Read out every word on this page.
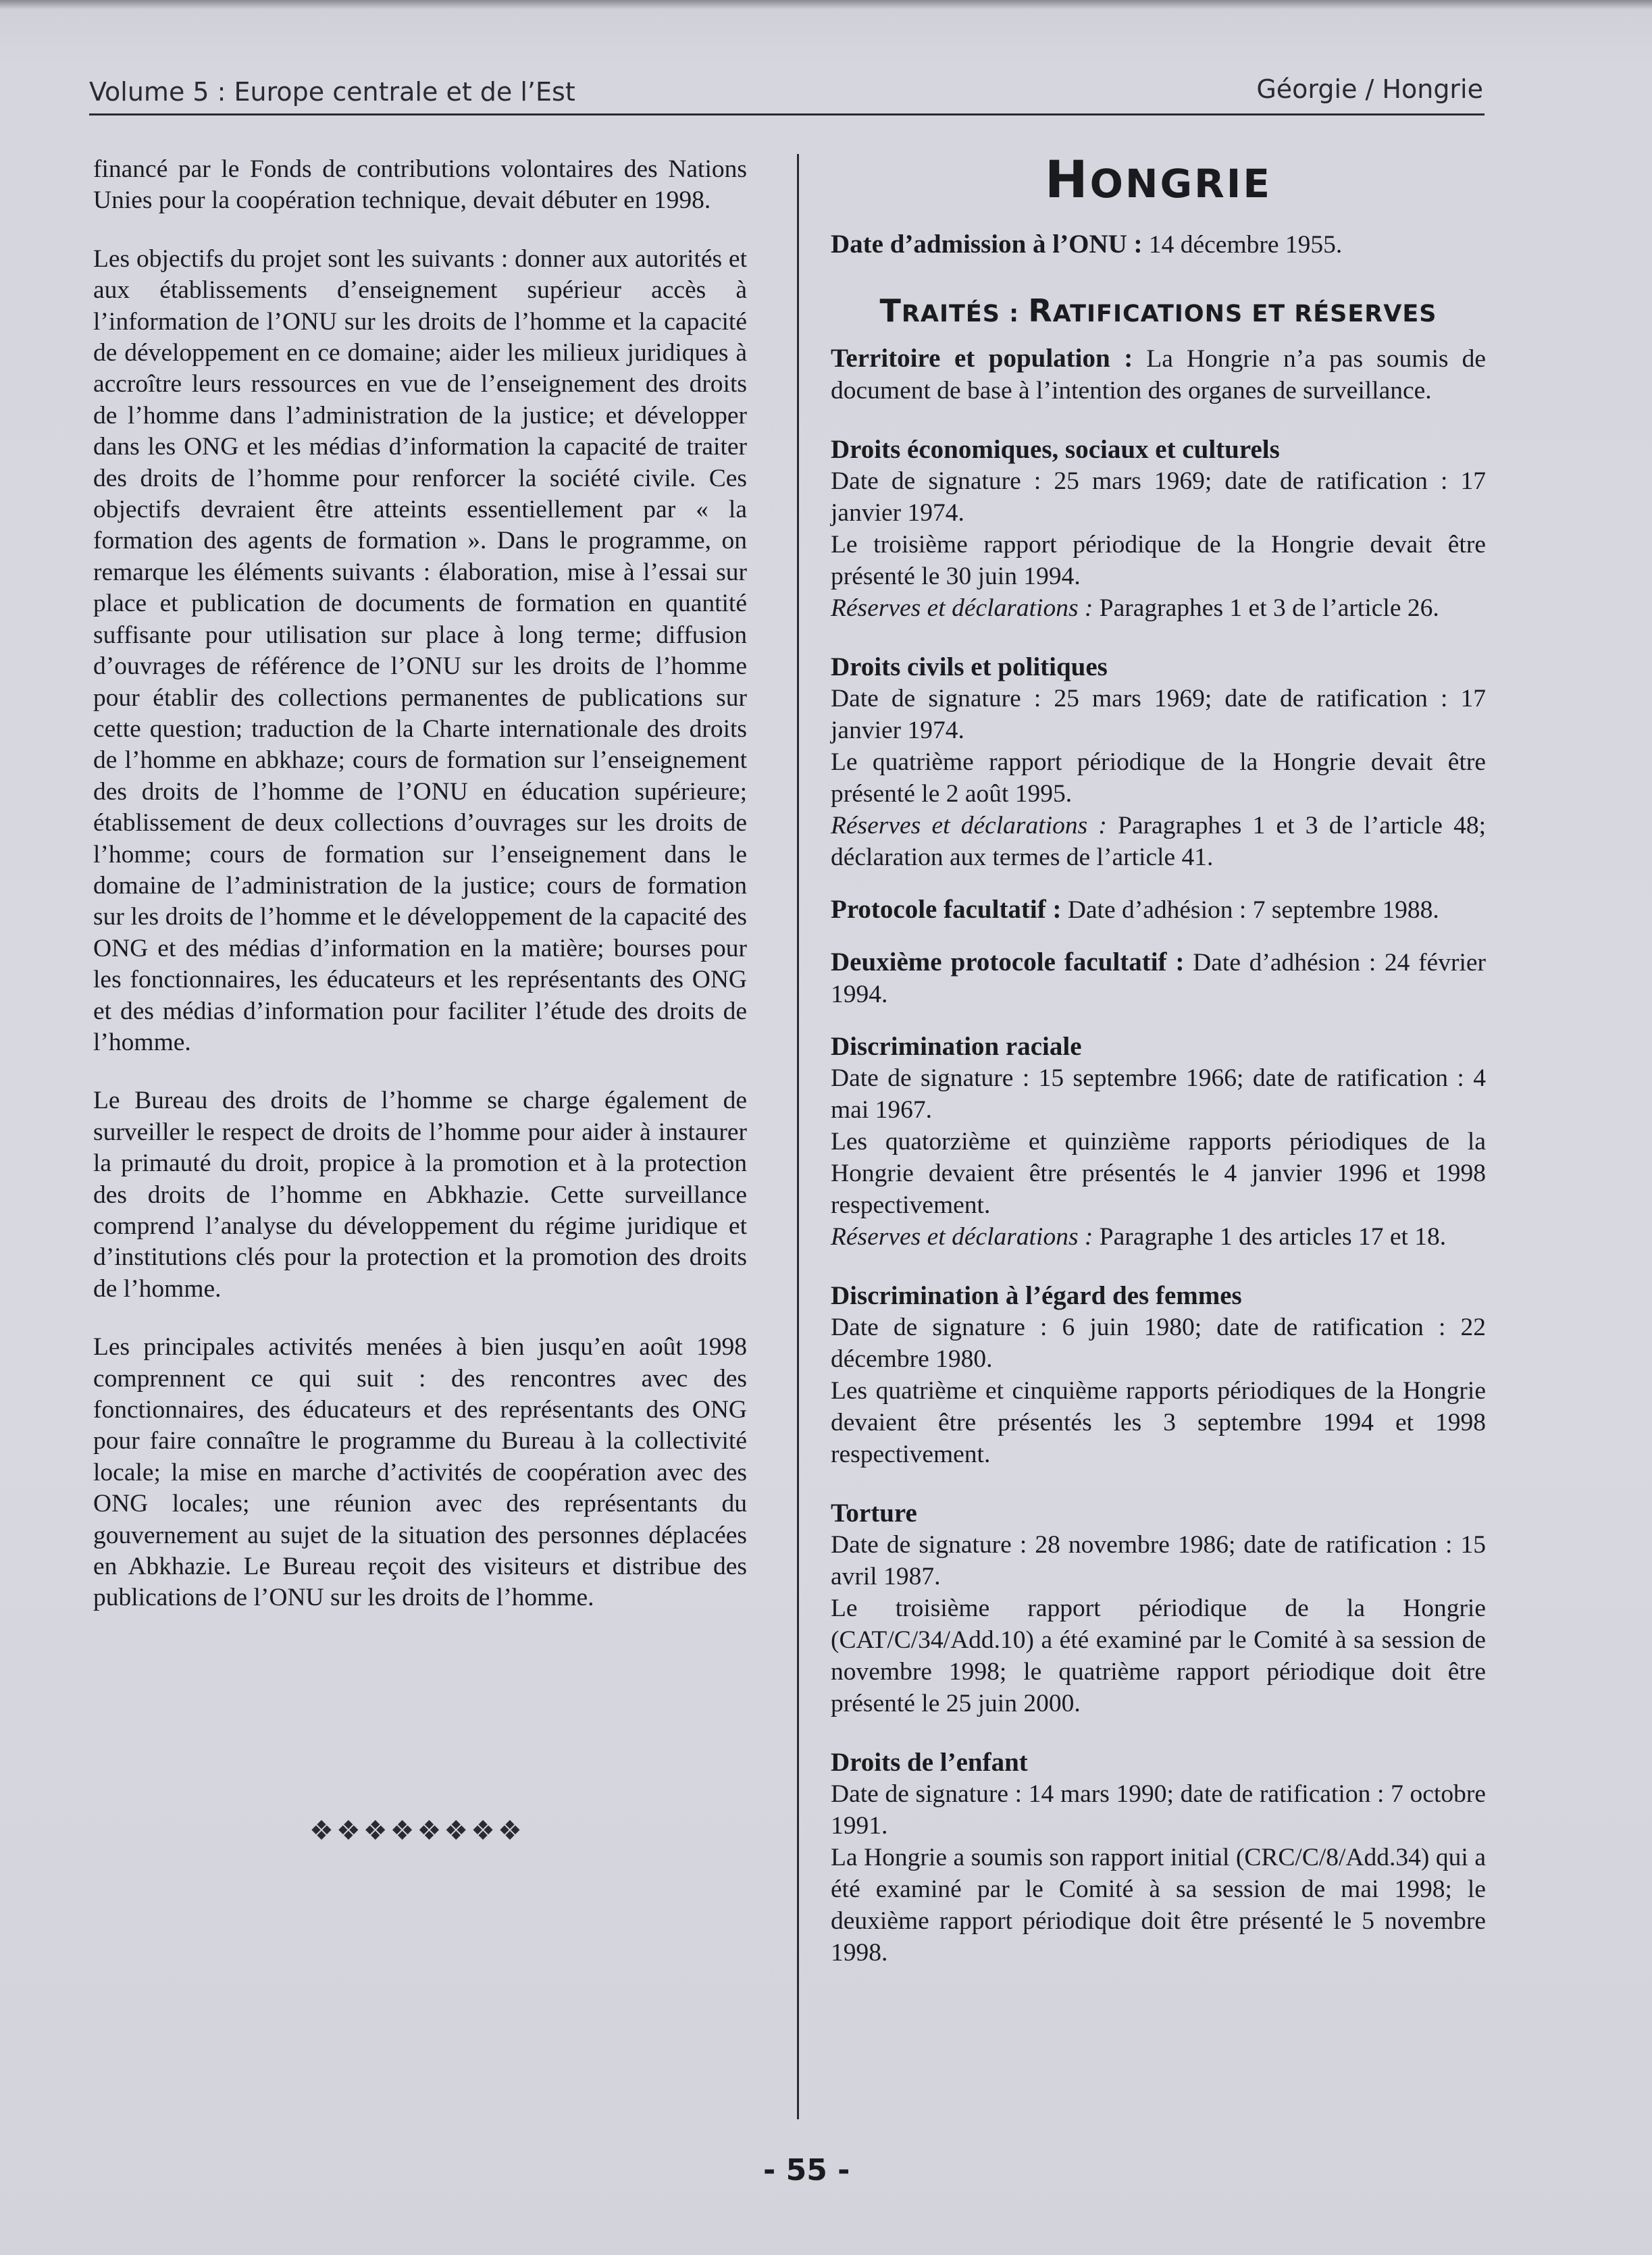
Volume 5 : Europe centrale et de l’Est	Géorgie / Hongrie

financé par le Fonds de contributions volontaires des Nations Unies pour la coopération technique, devait débuter en 1998.

Les objectifs du projet sont les suivants : donner aux autorités et aux établissements d’enseignement supérieur accès à l’information de l’ONU sur les droits de l’homme et la capacité de développement en ce domaine; aider les milieux juridiques à accroître leurs ressources en vue de l’enseignement des droits de l’homme dans l’administration de la justice; et développer dans les ONG et les médias d’information la capacité de traiter des droits de l’homme pour renforcer la société civile. Ces objectifs devraient être atteints essentiellement par « la formation des agents de formation ». Dans le programme, on remarque les éléments suivants : élaboration, mise à l’essai sur place et publication de documents de formation en quantité suffisante pour utilisation sur place à long terme; diffusion d’ouvrages de référence de l’ONU sur les droits de l’homme pour établir des collections permanentes de publications sur cette question; traduction de la Charte internationale des droits de l’homme en abkhaze; cours de formation sur l’enseignement des droits de l’homme de l’ONU en éducation supérieure; établissement de deux collections d’ouvrages sur les droits de l’homme; cours de formation sur l’enseignement dans le domaine de l’administration de la justice; cours de formation sur les droits de l’homme et le développement de la capacité des ONG et des médias d’information en la matière; bourses pour les fonctionnaires, les éducateurs et les représentants des ONG et des médias d’information pour faciliter l’étude des droits de l’homme.

Le Bureau des droits de l’homme se charge également de surveiller le respect de droits de l’homme pour aider à instaurer la primauté du droit, propice à la promotion et à la protection des droits de l’homme en Abkhazie. Cette surveillance comprend l’analyse du développement du régime juridique et d’institutions clés pour la protection et la promotion des droits de l’homme.

Les principales activités menées à bien jusqu’en août 1998 comprennent ce qui suit : des rencontres avec des fonctionnaires, des éducateurs et des représentants des ONG pour faire connaître le programme du Bureau à la collectivité locale; la mise en marche d’activités de coopération avec des ONG locales; une réunion avec des représentants du gouvernement au sujet de la situation des personnes déplacées en Abkhazie. Le Bureau reçoit des visiteurs et distribue des publications de l’ONU sur les droits de l’homme.

❖❖❖❖❖❖❖❖
HONGRIE
Date d’admission à l’ONU : 14 décembre 1955.
TRAITÉS : RATIFICATIONS ET RÉSERVES
Territoire et population : La Hongrie n’a pas soumis de document de base à l’intention des organes de surveillance.
Droits économiques, sociaux et culturels
Date de signature : 25 mars 1969; date de ratification : 17 janvier 1974.
Le troisième rapport périodique de la Hongrie devait être présenté le 30 juin 1994.
Réserves et déclarations : Paragraphes 1 et 3 de l’article 26.
Droits civils et politiques
Date de signature : 25 mars 1969; date de ratification : 17 janvier 1974.
Le quatrième rapport périodique de la Hongrie devait être présenté le 2 août 1995.
Réserves et déclarations : Paragraphes 1 et 3 de l’article 48; déclaration aux termes de l’article 41.
Protocole facultatif : Date d’adhésion : 7 septembre 1988.
Deuxième protocole facultatif : Date d’adhésion : 24 février 1994.
Discrimination raciale
Date de signature : 15 septembre 1966; date de ratification : 4 mai 1967.
Les quatorzième et quinzième rapports périodiques de la Hongrie devaient être présentés le 4 janvier 1996 et 1998 respectivement.
Réserves et déclarations : Paragraphe 1 des articles 17 et 18.
Discrimination à l’égard des femmes
Date de signature : 6 juin 1980; date de ratification : 22 décembre 1980.
Les quatrième et cinquième rapports périodiques de la Hongrie devaient être présentés les 3 septembre 1994 et 1998 respectivement.
Torture
Date de signature : 28 novembre 1986; date de ratification : 15 avril 1987.
Le troisième rapport périodique de la Hongrie (CAT/C/34/Add.10) a été examiné par le Comité à sa session de novembre 1998; le quatrième rapport périodique doit être présenté le 25 juin 2000.
Droits de l’enfant
Date de signature : 14 mars 1990; date de ratification : 7 octobre 1991.
La Hongrie a soumis son rapport initial (CRC/C/8/Add.34) qui a été examiné par le Comité à sa session de mai 1998; le deuxième rapport périodique doit être présenté le 5 novembre 1998.
- 55 -
